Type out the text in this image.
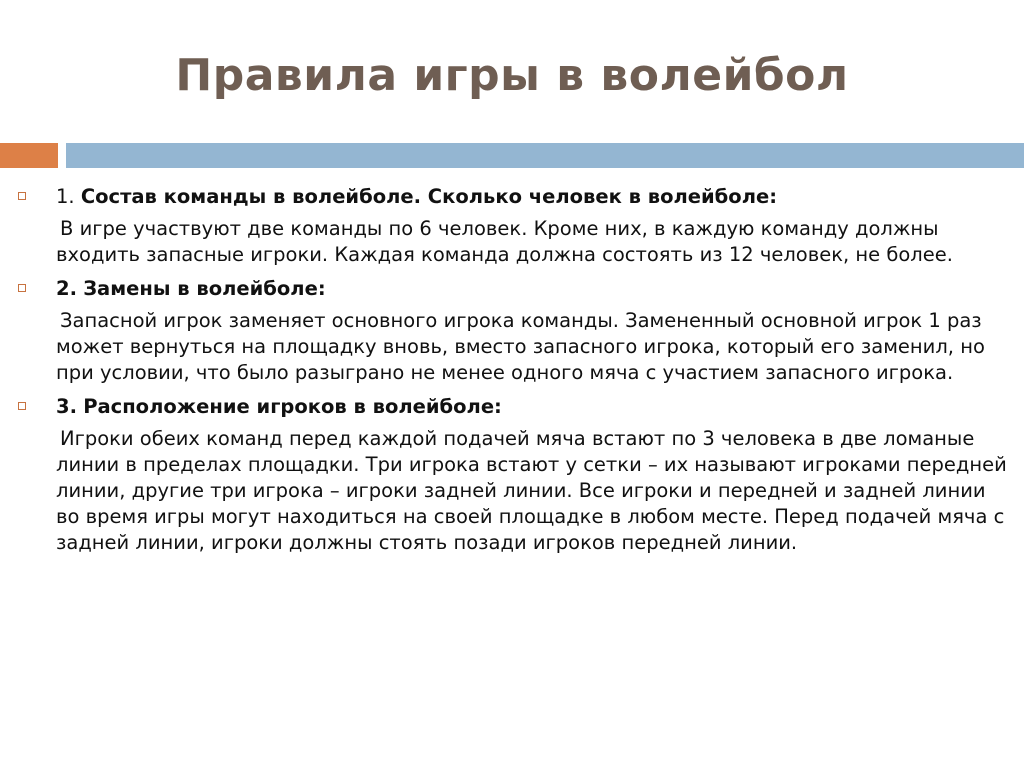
Правила игры в волейбол
1. Состав команды в волейболе. Сколько человек в волейболе:
В игре участвуют две команды по 6 человек. Кроме них, в каждую команду должны входить запасные игроки. Каждая команда должна состоять из 12 человек, не более.
2. Замены в волейболе:
Запасной игрок заменяет основного игрока команды. Замененный основной игрок 1 раз может вернуться на площадку вновь, вместо запасного игрока, который его заменил, но при условии, что было разыграно не менее одного мяча с участием запасного игрока.
3. Расположение игроков в волейболе:
Игроки обеих команд перед каждой подачей мяча встают по 3 человека в две ломаные линии в пределах площадки. Три игрока встают у сетки – их называют игроками передней линии, другие три игрока – игроки задней линии. Все игроки и передней и задней линии во время игры могут находиться на своей площадке в любом месте. Перед подачей мяча с задней линии, игроки должны стоять позади игроков передней линии.
